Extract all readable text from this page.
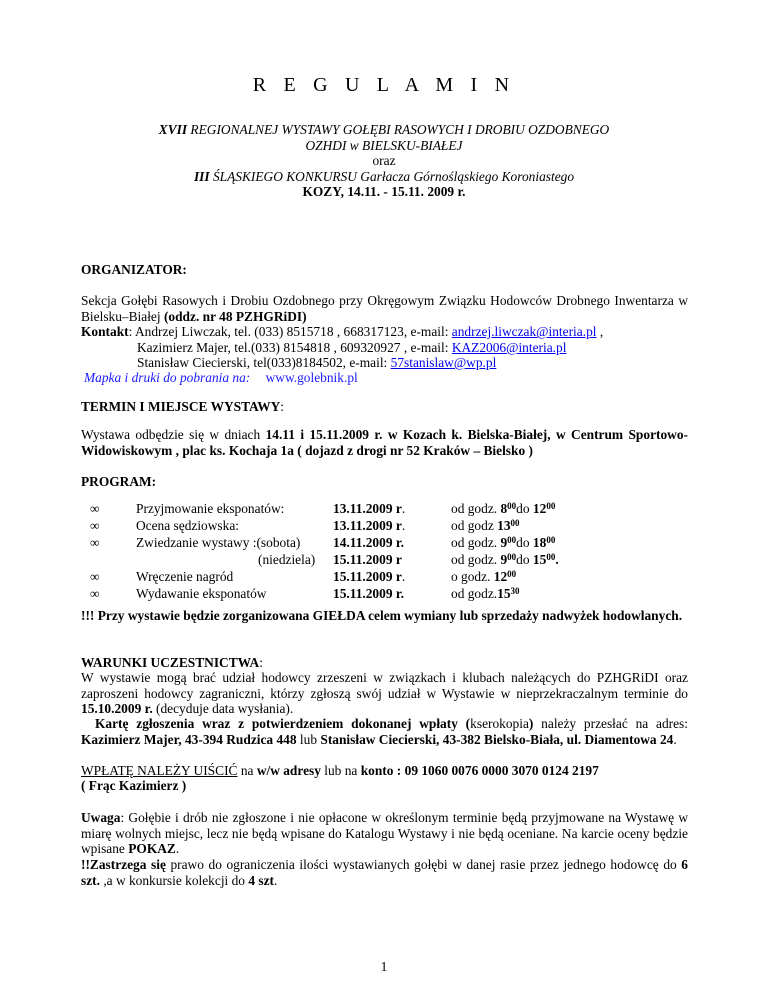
R E G U L A M I N
XVII REGIONALNEJ WYSTAWY GOŁĘBI RASOWYCH I DROBIU OZDOBNEGO
OZHDI w BIELSKU-BIAŁEJ
oraz
III ŚLĄSKIEGO KONKURSU Garłacza Górnośląskiego Koroniastego
KOZY, 14.11. - 15.11. 2009 r.
ORGANIZATOR:
Sekcja Gołębi Rasowych i Drobiu Ozdobnego przy Okręgowym Związku Hodowców Drobnego Inwentarza w Bielsku–Białej (oddz. nr 48 PZHGRiDI)
Kontakt: Andrzej Liwczak, tel. (033) 8515718 , 668317123, e-mail: andrzej.liwczak@interia.pl ,
Kazimierz Majer, tel.(033) 8154818 , 609320927 , e-mail: KAZ2006@interia.pl
Stanisław Ciecierski, tel(033)8184502, e-mail: 57stanislaw@wp.pl
Mapka i druki do pobrania na: www.golebnik.pl
TERMIN I MIEJSCE WYSTAWY:
Wystawa odbędzie się w dniach 14.11 i 15.11.2009 r. w Kozach k. Bielska-Białej, w Centrum Sportowo-Widowiskowym , plac ks. Kochaja 1a ( dojazd z drogi nr 52 Kraków – Bielsko )
PROGRAM:
∞	Przyjmowanie eksponatów:	13.11.2009 r.	od godz. $8^{00}do$ $12^{00}$
∞	Ocena sędziowska:	13.11.2009 r.	od godz $13^{00}$
∞	Zwiedzanie wystawy :(sobota) 14.11.2009 r.	od godz. $9^{00}do$ $18^{00}$
(niedziela) 15.11.2009 r	od godz. $9^{00}do$ $15^{00}$.
∞	Wręczenie nagród	15.11.2009 r.	o godz. $12^{00}$
∞	Wydawanie eksponatów	15.11.2009 r.	od $godz.15^{30}$
!!! Przy wystawie będzie zorganizowana GIEŁDA celem wymiany lub sprzedaży nadwyżek hodowlanych.
WARUNKI UCZESTNICTWA:
W wystawie mogą brać udział hodowcy zrzeszeni w związkach i klubach należących do PZHGRiDI oraz zaproszeni hodowcy zagraniczni, którzy zgłoszą swój udział w Wystawie w nieprzekraczalnym terminie do 15.10.2009 r. (decyduje data wysłania).
Kartę zgłoszenia wraz z potwierdzeniem dokonanej wpłaty (kserokopia) należy przesłać na adres: Kazimierz Majer, 43-394 Rudzica 448 lub Stanisław Ciecierski, 43-382 Bielsko-Biała, ul. Diamentowa 24.
WPŁATĘ NALEŻY UIŚCIĆ na w/w adresy lub na konto : 09 1060 0076 0000 3070 0124 2197
( Frąc Kazimierz )
Uwaga: Gołębie i drób nie zgłoszone i nie opłacone w określonym terminie będą przyjmowane na Wystawę w miarę wolnych miejsc, lecz nie będą wpisane do Katalogu Wystawy i nie będą oceniane. Na karcie oceny będzie wpisane POKAZ.
!!Zastrzega się prawo do ograniczenia ilości wystawianych gołębi w danej rasie przez jednego hodowcę do 6 szt. ,a w konkursie kolekcji do 4 szt.
1
